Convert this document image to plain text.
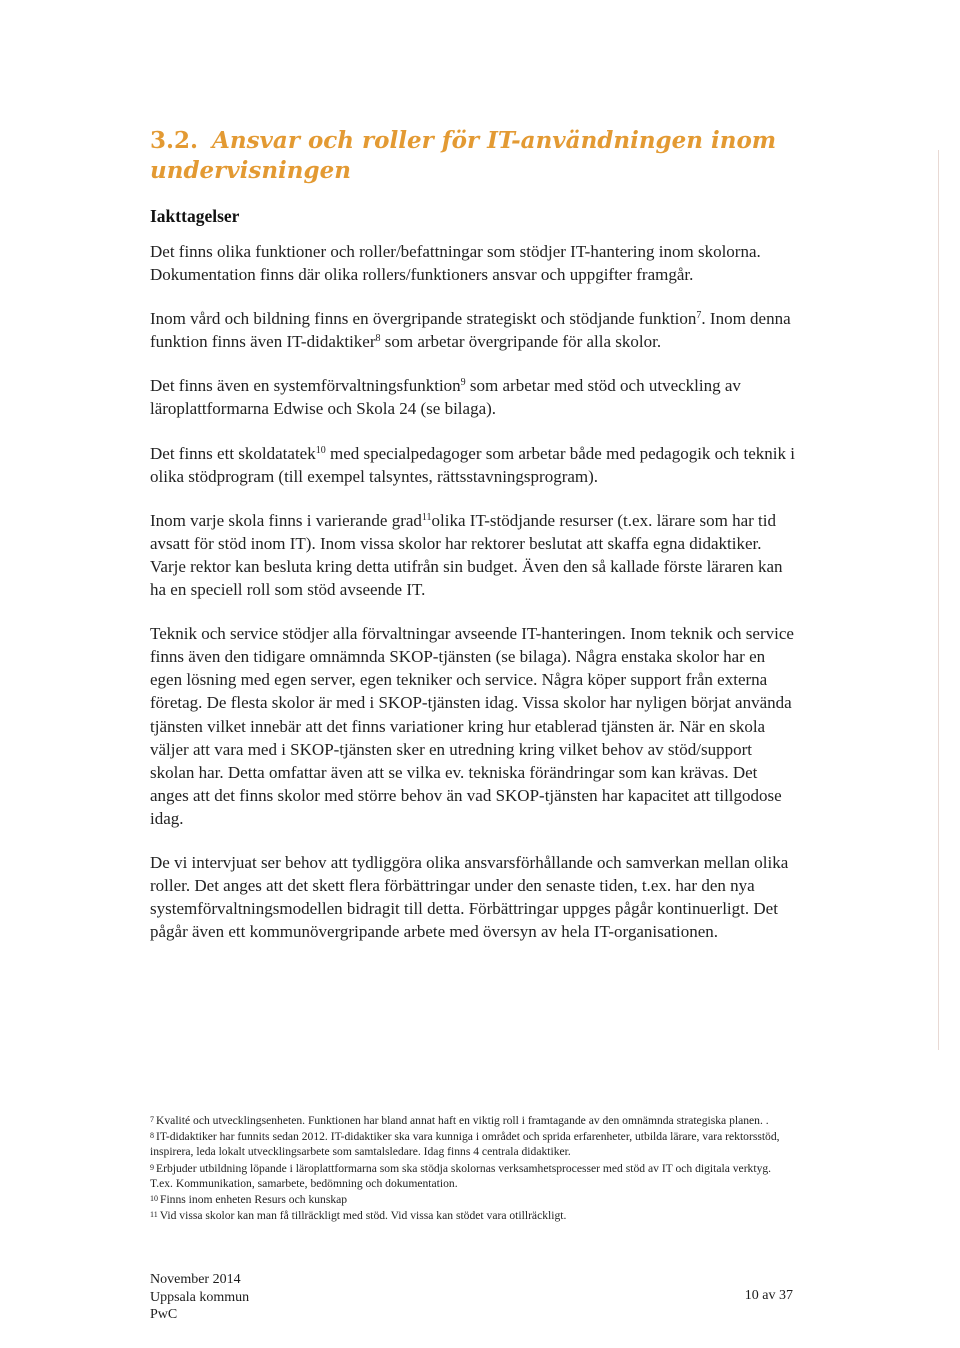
3.2. Ansvar och roller för IT-användningen inom undervisningen
Iakttagelser

Det finns olika funktioner och roller/befattningar som stödjer IT-hantering inom skolorna. Dokumentation finns där olika rollers/funktioners ansvar och uppgifter framgår.

Inom vård och bildning finns en övergripande strategiskt och stödjande funktion$^7$. Inom denna funktion finns även IT-didaktiker$^8$ som arbetar övergripande för alla skolor.

Det finns även en systemförvaltningsfunktion$^9$ som arbetar med stöd och utveckling av läroplattformarna Edwise och Skola 24 (se bilaga).

Det finns ett skoldatatek$^{10}$ med specialpedagoger som arbetar både med pedagogik och teknik i olika stödprogram (till exempel talsyntes, rättsstavningsprogram).

Inom varje skola finns i varierande grad$^{11}$olika IT-stödjande resurser (t.ex. lärare som har tid avsatt för stöd inom IT). Inom vissa skolor har rektorer beslutat att skaffa egna didaktiker. Varje rektor kan besluta kring detta utifrån sin budget. Även den så kallade förste läraren kan ha en speciell roll som stöd avseende IT.

Teknik och service stödjer alla förvaltningar avseende IT-hanteringen. Inom teknik och service finns även den tidigare omnämnda SKOP-tjänsten (se bilaga). Några enstaka skolor har en egen lösning med egen server, egen tekniker och service. Några köper support från externa företag. De flesta skolor är med i SKOP-tjänsten idag. Vissa skolor har nyligen börjat använda tjänsten vilket innebär att det finns variationer kring hur etablerad tjänsten är. När en skola väljer att vara med i SKOP-tjänsten sker en utredning kring vilket behov av stöd/support skolan har. Detta omfattar även att se vilka ev. tekniska förändringar som kan krävas. Det anges att det finns skolor med större behov än vad SKOP-tjänsten har kapacitet att tillgodose idag.

De vi intervjuat ser behov att tydliggöra olika ansvarsförhållande och samverkan mellan olika roller. Det anges att det skett flera förbättringar under den senaste tiden, t.ex. har den nya systemförvaltningsmodellen bidragit till detta. Förbättringar uppges pågår kontinuerligt. Det pågår även ett kommunövergripande arbete med översyn av hela IT-organisationen.

7 Kvalité och utvecklingsenheten. Funktionen har bland annat haft en viktig roll i framtagande av den omnämnda strategiska planen. .

8 IT-didaktiker har funnits sedan 2012. IT-didaktiker ska vara kunniga i området och sprida erfarenheter, utbilda lärare, vara rektorsstöd, inspirera, leda lokalt utvecklingsarbete som samtalsledare. Idag finns 4 centrala didaktiker.

9 Erbjuder utbildning löpande i läroplattformarna som ska stödja skolornas verksamhetsprocesser med stöd av IT och digitala verktyg. T.ex. Kommunikation, samarbete, bedömning och dokumentation.

10 Finns inom enheten Resurs och kunskap

11 Vid vissa skolor kan man få tillräckligt med stöd. Vid vissa kan stödet vara otillräckligt.

November 2014
Uppsala kommun
PwC
10 av 37
